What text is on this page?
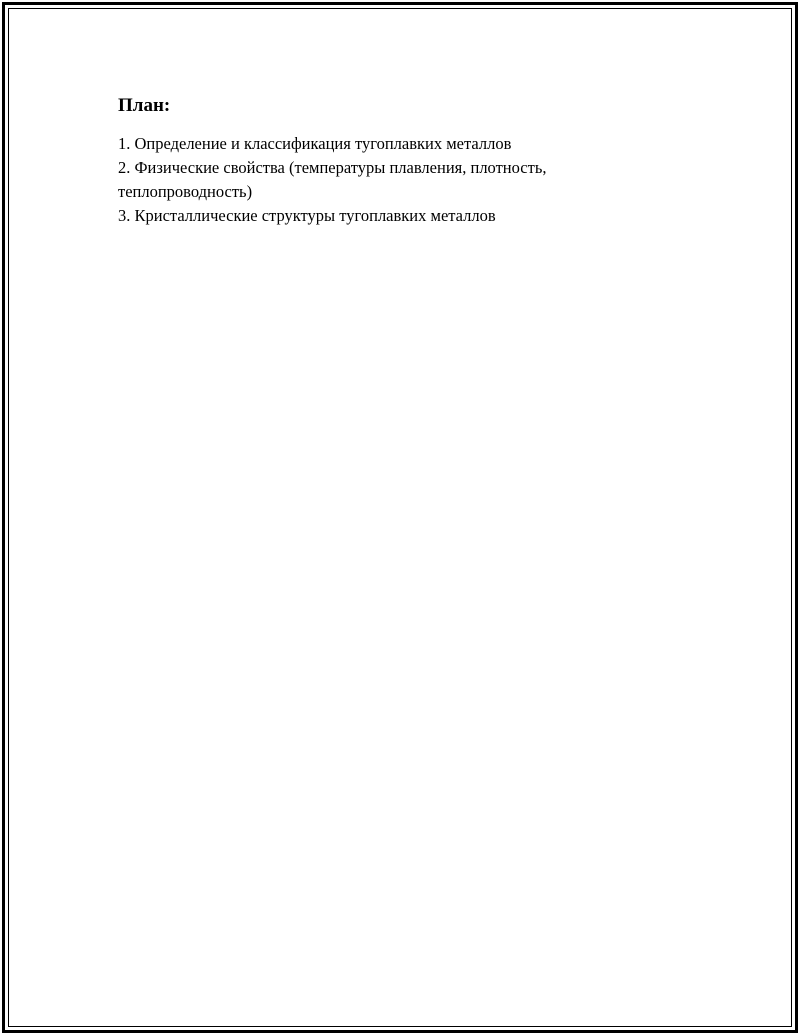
План:
1. Определение и классификация тугоплавких металлов
2. Физические свойства (температуры плавления, плотность, теплопроводность)
3. Кристаллические структуры тугоплавких металлов
